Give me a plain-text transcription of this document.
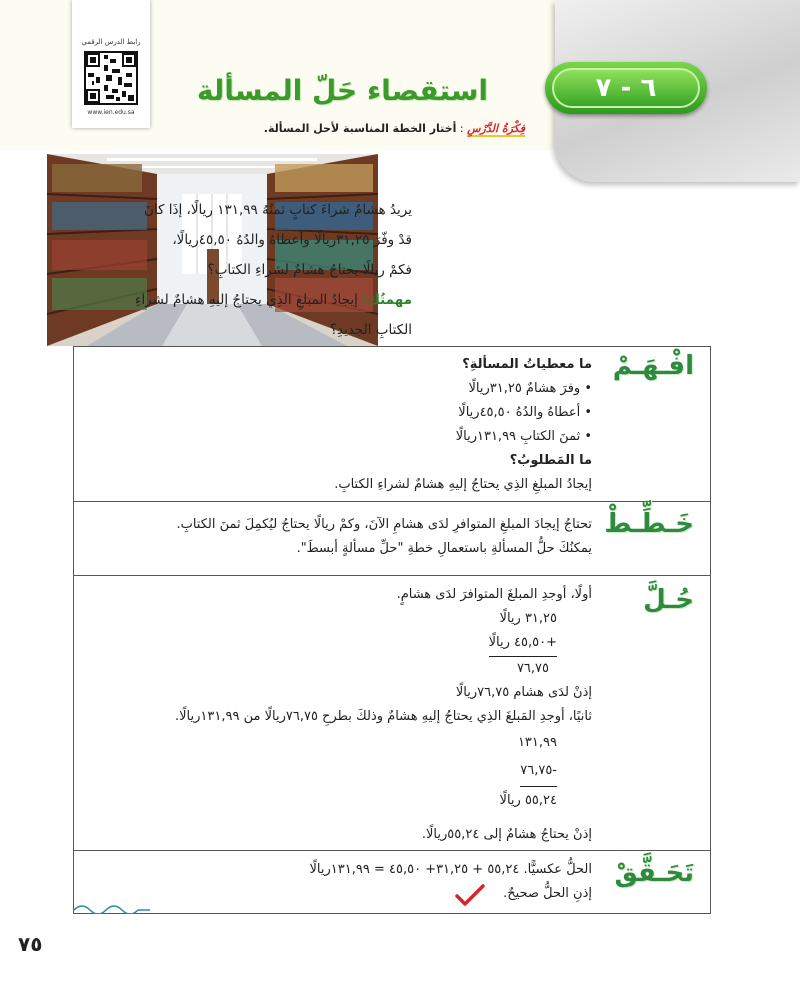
رابط الدرس الرقمي
www.ien.edu.sa
٦ - ٧
استقصاء حَلّ المسألة
فِكْرَةُ الدَّرْسِ : أختار الخطة المناسبة لأحل المسألة.

يريدُ هشامٌ شراءَ كتابٍ ثمنُهُ ١٣١,٩٩ ريالًا، إذَا كانَ

قدْ وفّرَ ٣١,٢٥ريالًا وأعطاهُ والدُهُ ٤٥,٥٠ريالًا،

فكمْ ريالًا يحتاجُ هشامٌ لشراءِ الكتابِ؟

مهمتُك: إيجادُ المبلغِ الذِي يحتاجُ إليهِ هشامٌ لشراءِ

الكتابِ الجديدِ؟

افْـهَـمْ
ما معطياتُ المسألةِ؟
• وفرَ هشامٌ ٣١,٢٥ريالًا
• أعطاهُ والدُهُ ٤٥,٥٠ريالًا
• ثمنَ الكتابِ ١٣١,٩٩ريالًا
ما المَطلوبُ؟
إيجادُ المبلغِ الذِي يحتاجُ إليهِ هشامٌ لشراءِ الكتابِ.
خَـطِّـطْ
تحتاجُ إيجادَ المبلغِ المتوافرِ لدَى هشامِ الآنَ، وكمْ ريالًا يحتاجُ ليُكمِلَ ثمنَ الكتابِ.
يمكنُكَ حلُّ المسألةِ باستعمالِ خطةِ "حلِّ مسألةٍ أبسطَ".
حُـلَّ
أولًا، أوجدِ المبلغَ المتوافرَ لدَى هشامٍ.
٣١,٢٥ ريالًا
+٤٥,٥٠ ريالًا
٧٦,٧٥
إذنْ لدَى هشام ٧٦,٧٥ريالًا
ثانيًا، أوجدِ المَبلغَ الذِي يحتاجُ إليهِ هشامٌ وذلكَ بطرحِ ٧٦,٧٥ريالًا من ١٣١,٩٩ريالًا.
١٣١,٩٩
-٧٦,٧٥
٥٥,٢٤ ريالًا
إذنْ يحتاجُ هشامٌ إلى ٥٥,٢٤ريالًا.
تَحَـقَّقْ
الحلُّ عكسيًّا. ٥٥,٢٤ + ٣١,٢٥+ ٤٥,٥٠ = ١٣١,٩٩ريالًا
إذنِ الحلُّ صحيحٌ.
٧٥
